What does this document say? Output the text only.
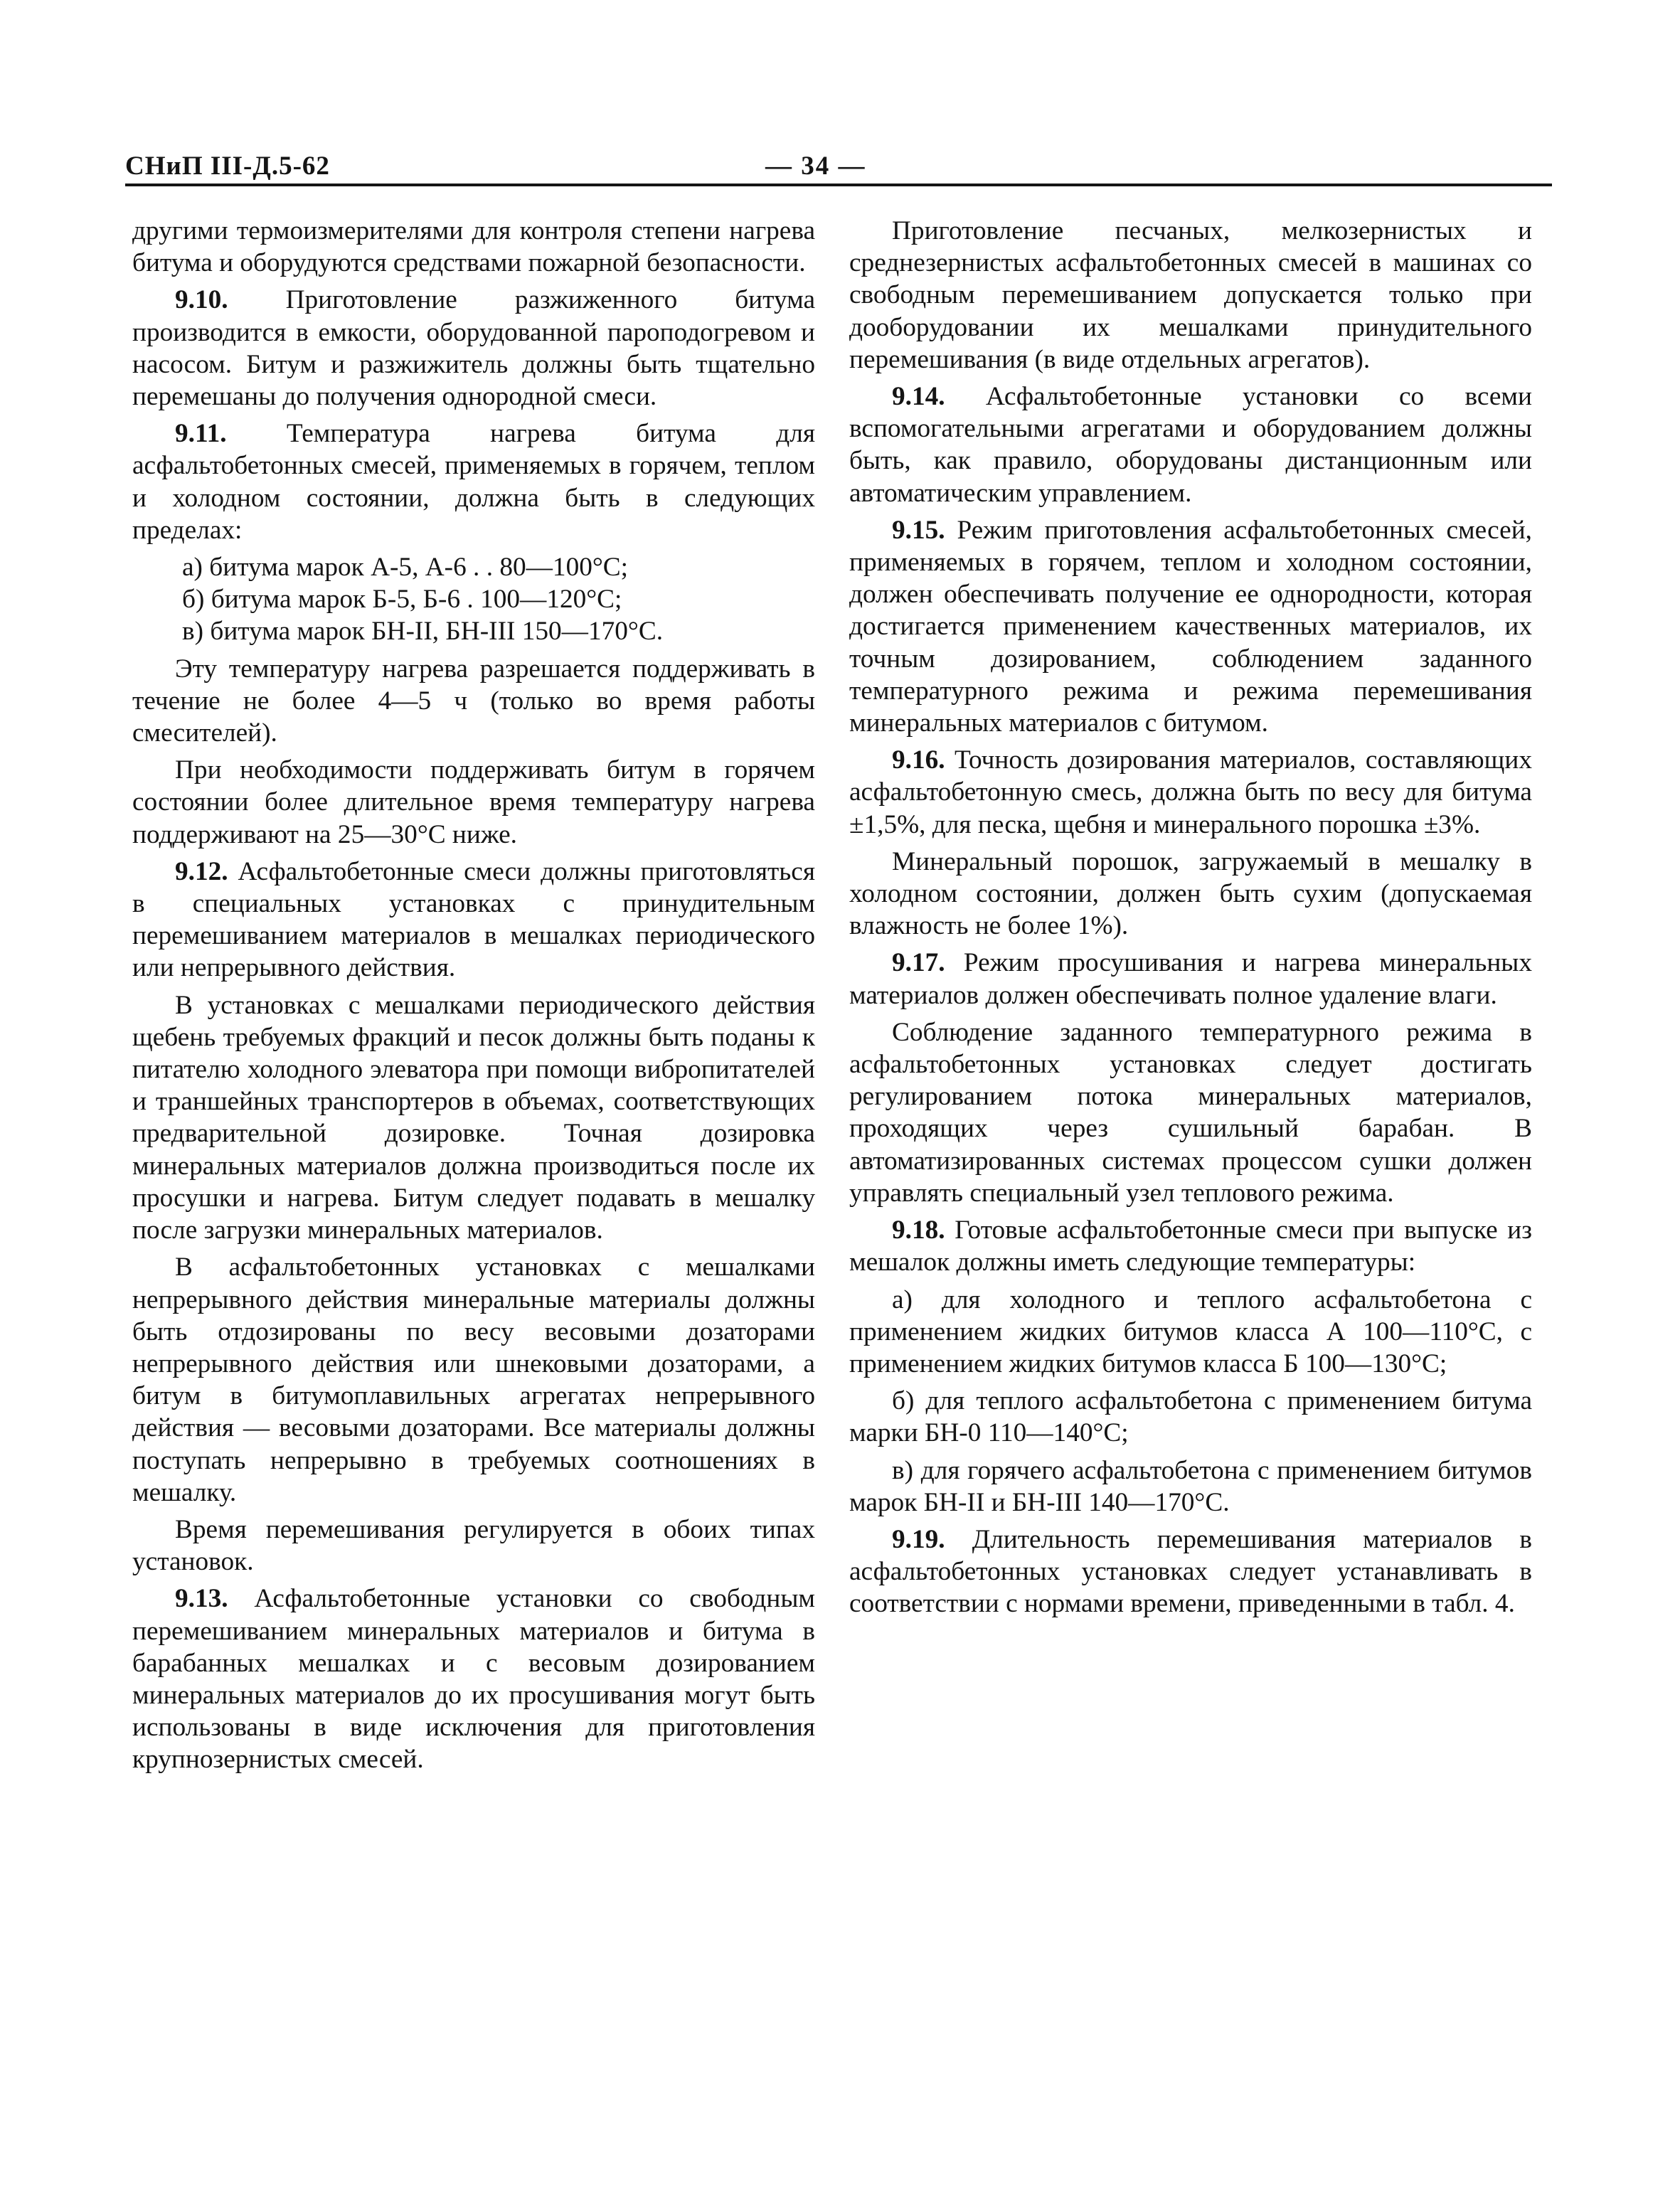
СНиП III-Д.5-62	— 34 —

другими термоизмерителями для контроля степени нагрева битума и оборудуются средствами пожарной безопасности.

9.10. Приготовление разжиженного битума производится в емкости, оборудованной пароподогревом и насосом. Битум и разжижитель должны быть тщательно перемешаны до получения однородной смеси.

9.11. Температура нагрева битума для асфальтобетонных смесей, применяемых в горячем, теплом и холодном состоянии, должна быть в следующих пределах:

а) битума марок А-5, А-6 . . 80—100°С;
б) битума марок Б-5, Б-6 . 100—120°С;
в) битума марок БН-II, БН-III 150—170°С.

Эту температуру нагрева разрешается поддерживать в течение не более 4—5 ч (только во время работы смесителей).

При необходимости поддерживать битум в горячем состоянии более длительное время температуру нагрева поддерживают на 25—30°С ниже.

9.12. Асфальтобетонные смеси должны приготовляться в специальных установках с принудительным перемешиванием материалов в мешалках периодического или непрерывного действия.

В установках с мешалками периодического действия щебень требуемых фракций и песок должны быть поданы к питателю холодного элеватора при помощи вибропитателей и траншейных транспортеров в объемах, соответствующих предварительной дозировке. Точная дозировка минеральных материалов должна производиться после их просушки и нагрева. Битум следует подавать в мешалку после загрузки минеральных материалов.

В асфальтобетонных установках с мешалками непрерывного действия минеральные материалы должны быть отдозированы по весу весовыми дозаторами непрерывного действия или шнековыми дозаторами, а битум в битумоплавильных агрегатах непрерывного действия — весовыми дозаторами. Все материалы должны поступать непрерывно в требуемых соотношениях в мешалку.

Время перемешивания регулируется в обоих типах установок.

9.13. Асфальтобетонные установки со свободным перемешиванием минеральных материалов и битума в барабанных мешалках и с весовым дозированием минеральных материалов до их просушивания могут быть использованы в виде исключения для приготовления крупнозернистых смесей.

Приготовление песчаных, мелкозернистых и среднезернистых асфальтобетонных смесей в машинах со свободным перемешиванием допускается только при дооборудовании их мешалками принудительного перемешивания (в виде отдельных агрегатов).

9.14. Асфальтобетонные установки со всеми вспомогательными агрегатами и оборудованием должны быть, как правило, оборудованы дистанционным или автоматическим управлением.

9.15. Режим приготовления асфальтобетонных смесей, применяемых в горячем, теплом и холодном состоянии, должен обеспечивать получение ее однородности, которая достигается применением качественных материалов, их точным дозированием, соблюдением заданного температурного режима и режима перемешивания минеральных материалов с битумом.

9.16. Точность дозирования материалов, составляющих асфальтобетонную смесь, должна быть по весу для битума ±1,5%, для песка, щебня и минерального порошка ±3%.

Минеральный порошок, загружаемый в мешалку в холодном состоянии, должен быть сухим (допускаемая влажность не более 1%).

9.17. Режим просушивания и нагрева минеральных материалов должен обеспечивать полное удаление влаги.

Соблюдение заданного температурного режима в асфальтобетонных установках следует достигать регулированием потока минеральных материалов, проходящих через сушильный барабан. В автоматизированных системах процессом сушки должен управлять специальный узел теплового режима.

9.18. Готовые асфальтобетонные смеси при выпуске из мешалок должны иметь следующие температуры:

а) для холодного и теплого асфальтобетона с применением жидких битумов класса А 100—110°С, с применением жидких битумов класса Б 100—130°С;

б) для теплого асфальтобетона с применением битума марки БН-0 110—140°С;

в) для горячего асфальтобетона с применением битумов марок БН-II и БН-III 140—170°С.

9.19. Длительность перемешивания материалов в асфальтобетонных установках следует устанавливать в соответствии с нормами времени, приведенными в табл. 4.
